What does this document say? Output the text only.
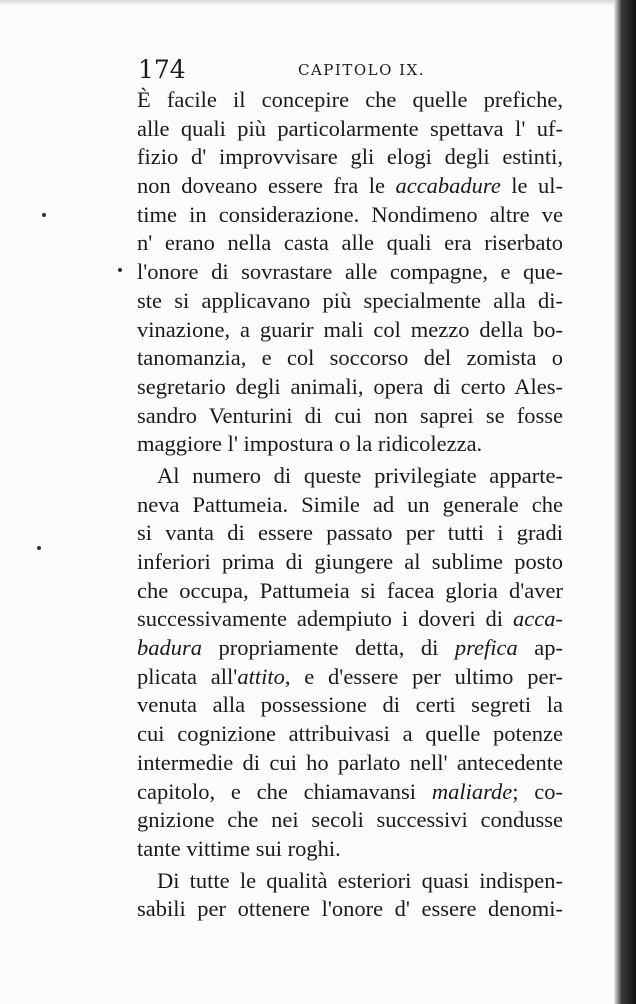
174	CAPITOLO IX.
È facile il concepire che quelle prefiche,
alle quali più particolarmente spettava l' uf-
fizio d' improvvisare gli elogi degli estinti,
non doveano essere fra le accabadure le ul-
time in considerazione. Nondimeno altre ve
n' erano nella casta alle quali era riserbato
l'onore di sovrastare alle compagne, e que-
ste si applicavano più specialmente alla di-
vinazione, a guarir mali col mezzo della bo-
tanomanzia, e col soccorso del zomista o
segretario degli animali, opera di certo Ales-
sandro Venturini di cui non saprei se fosse
maggiore l' impostura o la ridicolezza.
Al numero di queste privilegiate apparte-
neva Pattumeia. Simile ad un generale che
si vanta di essere passato per tutti i gradi
inferiori prima di giungere al sublime posto
che occupa, Pattumeia si facea gloria d'aver
successivamente adempiuto i doveri di acca-
badura propriamente detta, di prefica ap-
plicata all'attito, e d'essere per ultimo per-
venuta alla possessione di certi segreti la
cui cognizione attribuivasi a quelle potenze
intermedie di cui ho parlato nell' antecedente
capitolo, e che chiamavansi maliarde; co-
gnizione che nei secoli successivi condusse
tante vittime sui roghi.
Di tutte le qualità esteriori quasi indispen-
sabili per ottenere l'onore d' essere denomi-
